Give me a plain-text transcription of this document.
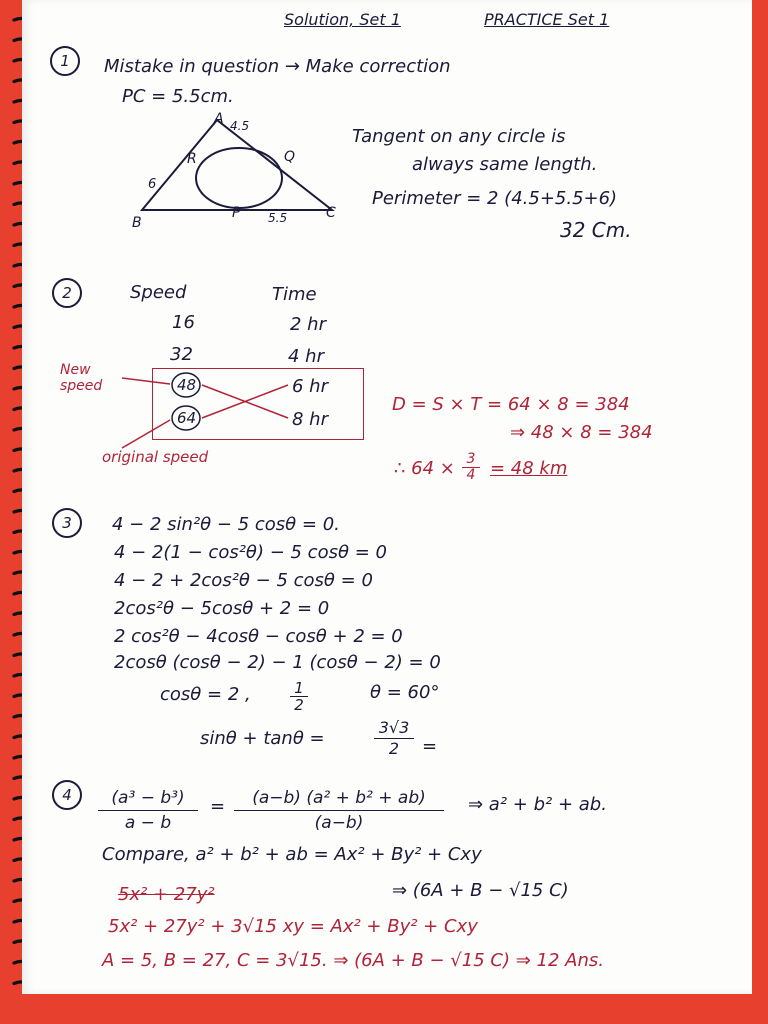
Solution, Set 1	PRACTICE Set 1
1	Mistake in question → Make correction
PC = 5.5cm.
A 4.5
R	Q
6
B
P 5.5	C
Tangent on any circle is
always same length.
Perimeter = 2 (4.5+5.5+6)
32 Cm.
2	Speed	Time
16	2 hr
32	4 hr
48	6 hr
64	8 hr
New speed
original speed
D = S × T = 64 × 8 = 384
⇒ 48 × 8 = 384
∴ $64 \times \frac{3}{4} = 48$ km
3	4 − 2 sin²θ − 5 cosθ = 0.
4 − 2(1 − cos²θ) − 5 cosθ = 0
4 − 2 + 2cos²θ − 5 cosθ = 0
2cos²θ − 5cosθ + 2 = 0
2 cos²θ − 4cosθ − cosθ + 2 = 0
2cosθ (cosθ − 2) − 1 (cosθ − 2) = 0
cosθ = 2 ,	$\frac{1}{2}$	θ = 60°
sinθ + tanθ =	$\frac{3√3}{2}$ =
4	$\frac{\text{(a³ − b³)}}{a - b} = \frac{\text{(a−b) (a² + b² + ab)}}{(a-b)}$ ⇒ a² + b² + ab.
Compare, a² + b² + ab = Ax² + By² + Cxy
5x² + 27y²	⇒ (6A + B − √15 C)
5x² + 27y² + 3√15 xy = Ax² + By² + Cxy
A = 5, B = 27, C = 3√15. ⇒ (6A + B − √15 C) ⇒ 12 Ans.
